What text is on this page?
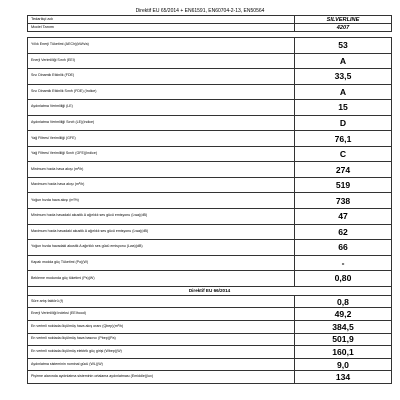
Direktif EU 65/2014 + EN61591, EN60704-2-13, EN50564
Tedarikçi adı	SILVERLINE
Model Tanımı	4207

Yıllık Enerji Tüketimi (AECh)(kWh/a)	53
Enerji Verimliliği Sınıfı (EEI)	A
Sıvı Dinamik Etkinlik (FDE)	33,5
Sıvı Dinamik Etkinlik Sınıfı (FDE) (Indice)	A
Aydınlatma Verimliliği (LE)	15
Aydınlatma Verimliliği Sınıfı (LE)(Indice)	D
Yağ Filtresi Verimliliği (GFE)	76,1
Yağ Filtresi Verimliliği Sınıfı (GFE)(Indice)	C
Minimum hızda hava akışı (m³/h)	274
Maximum hızda hava akışı (m³/h)	519
Yoğun hızda hava akışı (m³/h)	738
Minimum hızda havadaki akustik A ağırlıklı ses gücü emisyonu (Lwa)(dB)	47
Maximum hızda havadaki akustik A ağırlıklı ses gücü emisyonu (Lwa)(dB)	62
Yoğun hızda havadaki akustik A ağırlıklı ses gücü emisyonu (Lwa)(dB)	66
Kapalı modda güç Tüketimi (Po)(W)	-
Bekleme modunda güç tüketimi (Ps)(W)	0,80
Direktif EU 66/2014	
Süre artış faktörü (f)	0,8
Enerji Verimliliği Indeksi (EEIhood)	49,2
En verimli noktada ölçülmüş hava akış oranı (Qbep)(m³/h)	384,5
En verimli noktada ölçülmüş hava basıncı (Pbep)(Pa)	501,9
En verimli noktada ölçülmüş elektrik güç girişi (Wbep)(W)	160,1
Aydınlatma sisteminin nominal gücü (WL)(W)	9,0
Pişirme alanında aydınlatma sisteminin ortalama aydınlatması (Emiddle)(lux)	134
